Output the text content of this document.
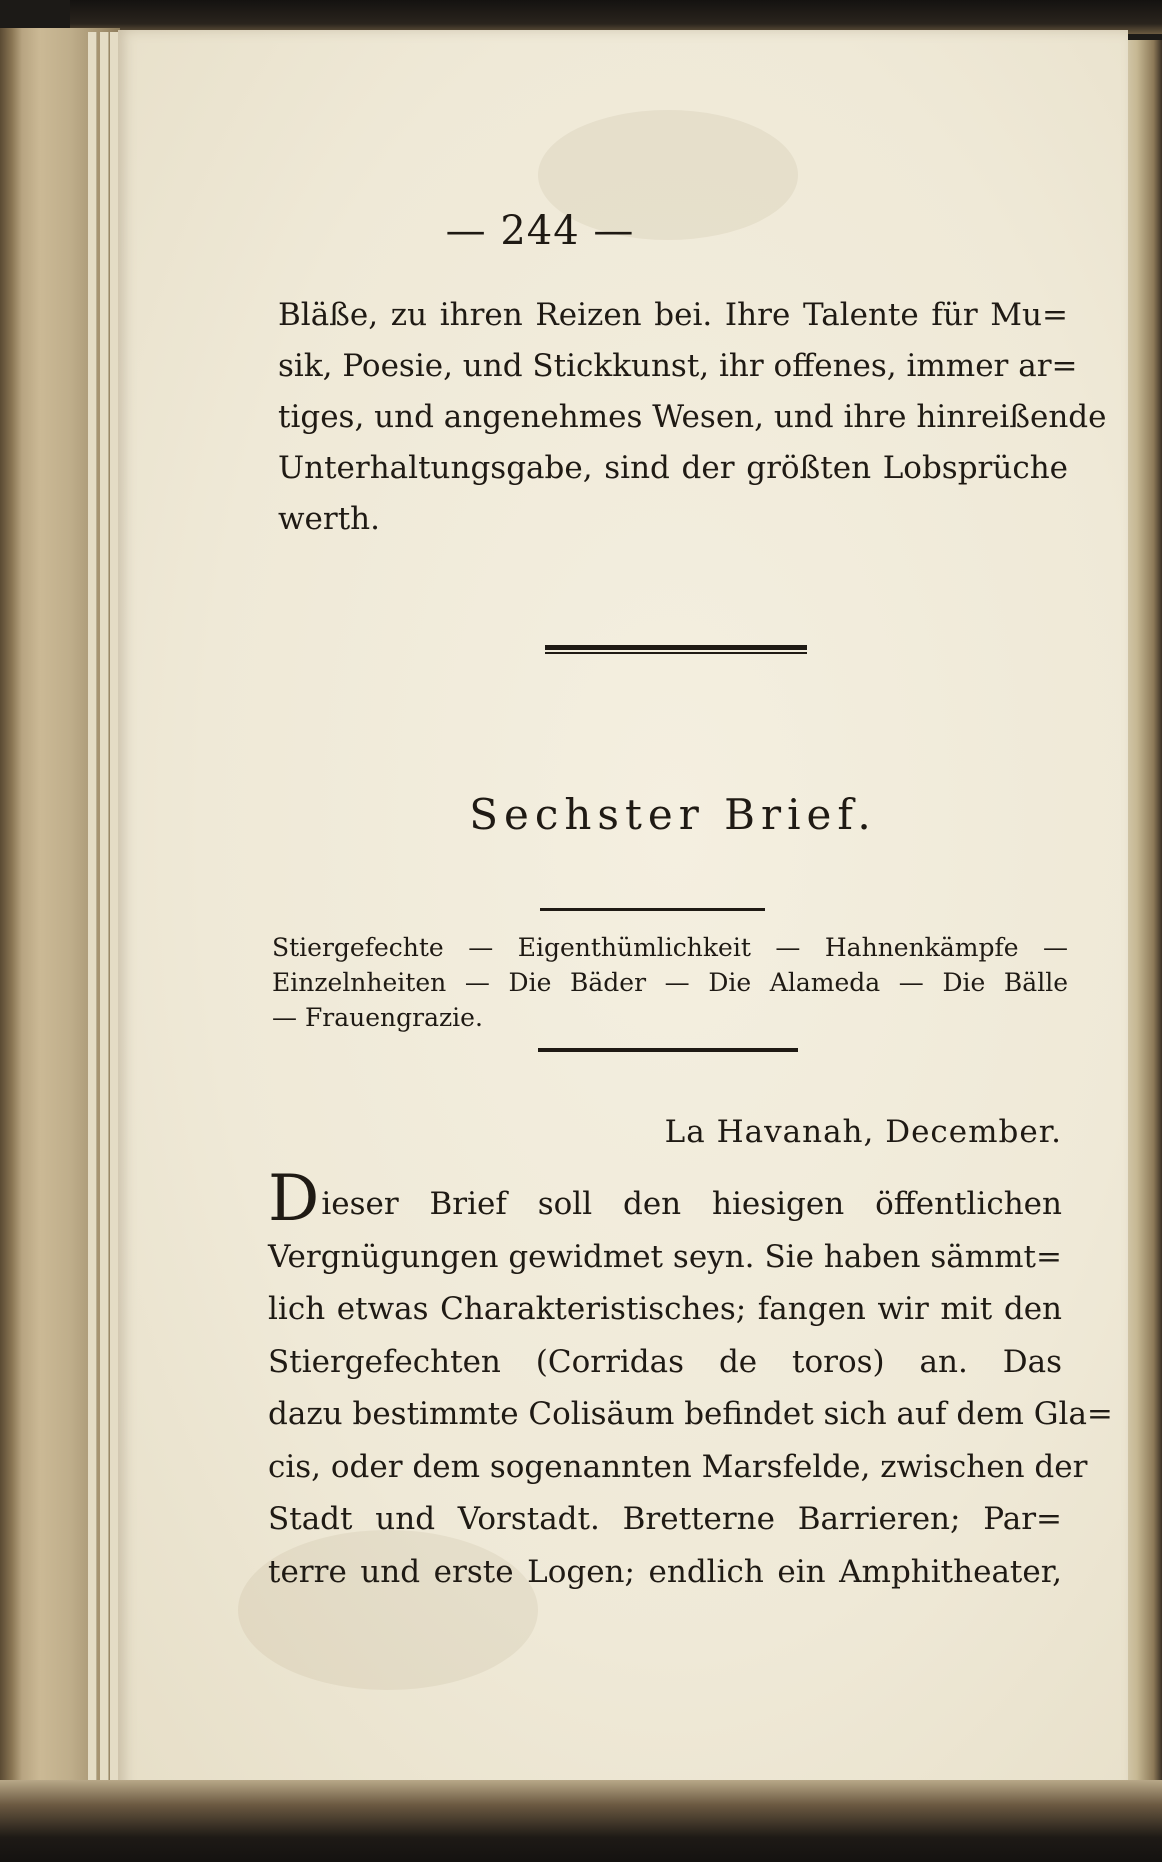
— 244 —
Bläße, zu ihren Reizen bei. Ihre Talente für Mu=
sik, Poesie, und Stickkunst, ihr offenes, immer ar=
tiges, und angenehmes Wesen, und ihre hinreißende
Unterhaltungsgabe, sind der größten Lobsprüche
werth.
Sechster Brief.
Stiergefechte — Eigenthümlichkeit — Hahnenkämpfe —
Einzelnheiten — Die Bäder — Die Alameda — Die Bälle
— Frauengrazie.
La Havanah, December.
Dieser Brief soll den hiesigen öffentlichen
Vergnügungen gewidmet seyn. Sie haben sämmt=
lich etwas Charakteristisches; fangen wir mit den
Stiergefechten (Corridas de toros) an. Das
dazu bestimmte Colisäum befindet sich auf dem Gla=
cis, oder dem sogenannten Marsfelde, zwischen der
Stadt und Vorstadt. Bretterne Barrieren; Par=
terre und erste Logen; endlich ein Amphitheater,
